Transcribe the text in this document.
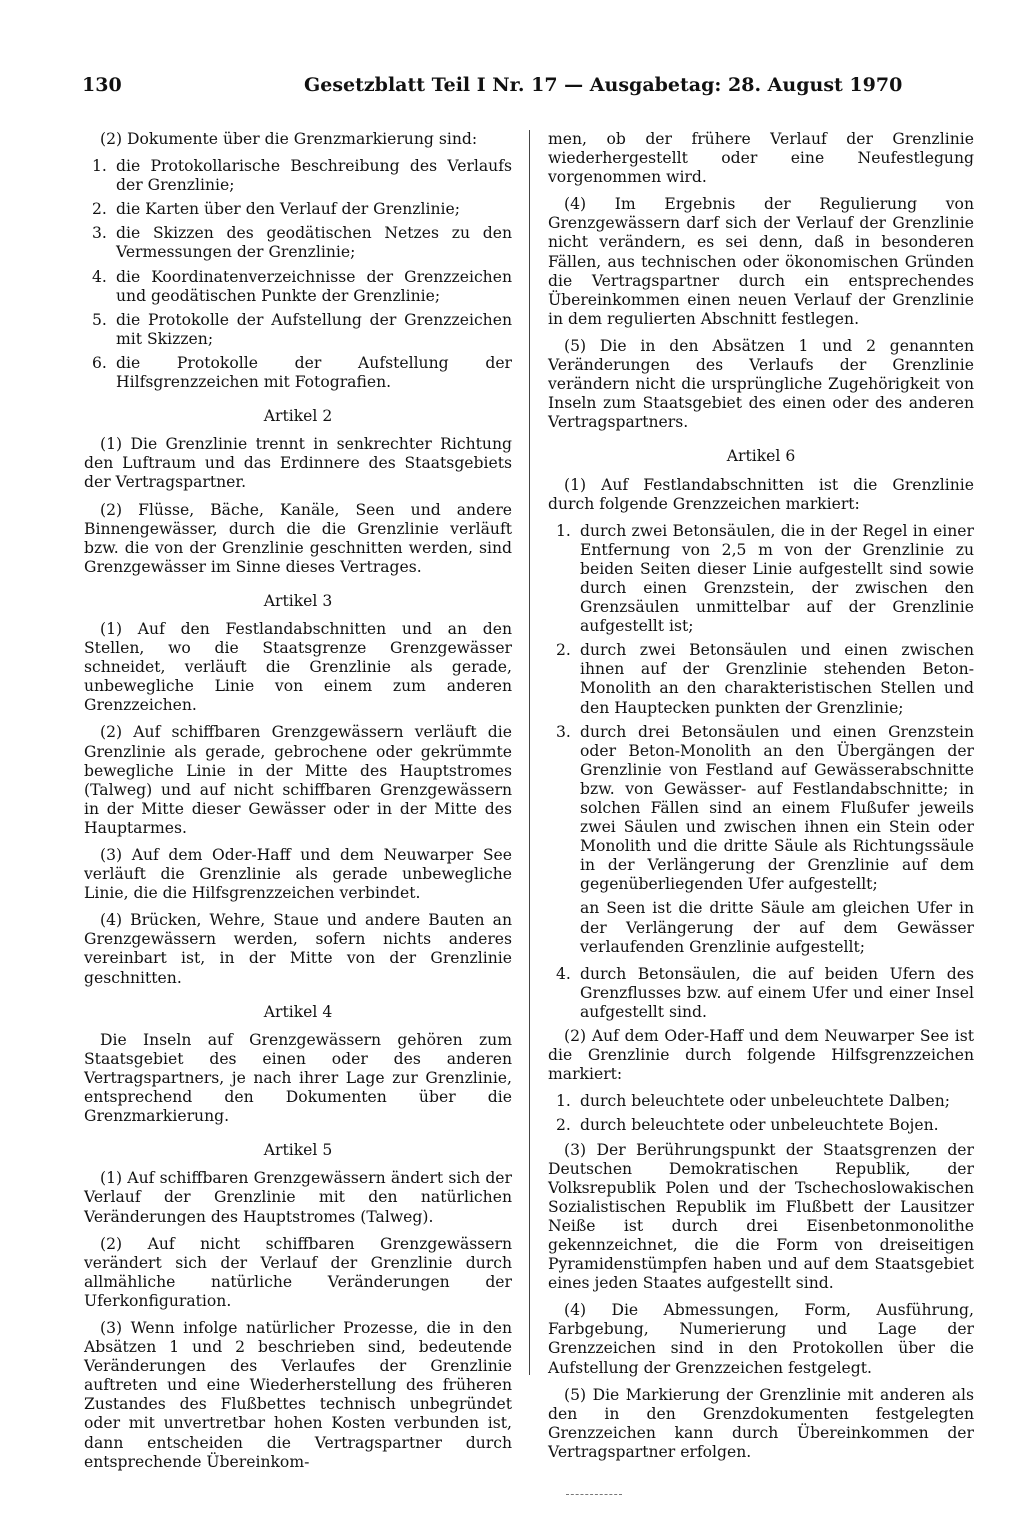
130	Gesetzblatt Teil I Nr. 17 — Ausgabetag: 28. August 1970

(2) Dokumente über die Grenzmarkierung sind:

1. die Protokollarische Beschreibung des Verlaufs der Grenzlinie;
2. die Karten über den Verlauf der Grenzlinie;
3. die Skizzen des geodätischen Netzes zu den Vermessungen der Grenzlinie;
4. die Koordinatenverzeichnisse der Grenzzeichen und geodätischen Punkte der Grenzlinie;
5. die Protokolle der Aufstellung der Grenzzeichen mit Skizzen;
6. die Protokolle der Aufstellung der Hilfsgrenzzeichen mit Fotografien.

Artikel 2

(1) Die Grenzlinie trennt in senkrechter Richtung den Luftraum und das Erdinnere des Staatsgebiets der Vertragspartner.

(2) Flüsse, Bäche, Kanäle, Seen und andere Binnengewässer, durch die die Grenzlinie verläuft bzw. die von der Grenzlinie geschnitten werden, sind Grenzgewässer im Sinne dieses Vertrages.

Artikel 3

(1) Auf den Festlandabschnitten und an den Stellen, wo die Staatsgrenze Grenzgewässer schneidet, verläuft die Grenzlinie als gerade, unbewegliche Linie von einem zum anderen Grenzzeichen.

(2) Auf schiffbaren Grenzgewässern verläuft die Grenzlinie als gerade, gebrochene oder gekrümmte bewegliche Linie in der Mitte des Hauptstromes (Talweg) und auf nicht schiffbaren Grenzgewässern in der Mitte dieser Gewässer oder in der Mitte des Hauptarmes.

(3) Auf dem Oder-Haff und dem Neuwarper See verläuft die Grenzlinie als gerade unbewegliche Linie, die die Hilfsgrenzzeichen verbindet.

(4) Brücken, Wehre, Staue und andere Bauten an Grenzgewässern werden, sofern nichts anderes vereinbart ist, in der Mitte von der Grenzlinie geschnitten.

Artikel 4

Die Inseln auf Grenzgewässern gehören zum Staatsgebiet des einen oder des anderen Vertragspartners, je nach ihrer Lage zur Grenzlinie, entsprechend den Dokumenten über die Grenzmarkierung.

Artikel 5

(1) Auf schiffbaren Grenzgewässern ändert sich der Verlauf der Grenzlinie mit den natürlichen Veränderungen des Hauptstromes (Talweg).

(2) Auf nicht schiffbaren Grenzgewässern verändert sich der Verlauf der Grenzlinie durch allmähliche natürliche Veränderungen der Uferkonfiguration.

(3) Wenn infolge natürlicher Prozesse, die in den Absätzen 1 und 2 beschrieben sind, bedeutende Veränderungen des Verlaufes der Grenzlinie auftreten und eine Wiederherstellung des früheren Zustandes des Flußbettes technisch unbegründet oder mit unvertretbar hohen Kosten verbunden ist, dann entscheiden die Vertragspartner durch entsprechende Übereinkom-

men, ob der frühere Verlauf der Grenzlinie wiederhergestellt oder eine Neufestlegung vorgenommen wird.

(4) Im Ergebnis der Regulierung von Grenzgewässern darf sich der Verlauf der Grenzlinie nicht verändern, es sei denn, daß in besonderen Fällen, aus technischen oder ökonomischen Gründen die Vertragspartner durch ein entsprechendes Übereinkommen einen neuen Verlauf der Grenzlinie in dem regulierten Abschnitt festlegen.

(5) Die in den Absätzen 1 und 2 genannten Veränderungen des Verlaufs der Grenzlinie verändern nicht die ursprüngliche Zugehörigkeit von Inseln zum Staatsgebiet des einen oder des anderen Vertragspartners.

Artikel 6

(1) Auf Festlandabschnitten ist die Grenzlinie durch folgende Grenzzeichen markiert:

1. durch zwei Betonsäulen, die in der Regel in einer Entfernung von 2,5 m von der Grenzlinie zu beiden Seiten dieser Linie aufgestellt sind sowie durch einen Grenzstein, der zwischen den Grenzsäulen unmittelbar auf der Grenzlinie aufgestellt ist;
2. durch zwei Betonsäulen und einen zwischen ihnen auf der Grenzlinie stehenden Beton-Monolith an den charakteristischen Stellen und den Hauptecken punkten der Grenzlinie;
3. durch drei Betonsäulen und einen Grenzstein oder Beton-Monolith an den Übergängen der Grenzlinie von Festland auf Gewässerabschnitte bzw. von Gewässer- auf Festlandabschnitte; in solchen Fällen sind an einem Flußufer jeweils zwei Säulen und zwischen ihnen ein Stein oder Monolith und die dritte Säule als Richtungssäule in der Verlängerung der Grenzlinie auf dem gegenüberliegenden Ufer aufgestellt;

an Seen ist die dritte Säule am gleichen Ufer in der Verlängerung der auf dem Gewässer verlaufenden Grenzlinie aufgestellt;

4. durch Betonsäulen, die auf beiden Ufern des Grenzflusses bzw. auf einem Ufer und einer Insel aufgestellt sind.

(2) Auf dem Oder-Haff und dem Neuwarper See ist die Grenzlinie durch folgende Hilfsgrenzzeichen markiert:

1. durch beleuchtete oder unbeleuchtete Dalben;
2. durch beleuchtete oder unbeleuchtete Bojen.

(3) Der Berührungspunkt der Staatsgrenzen der Deutschen Demokratischen Republik, der Volksrepublik Polen und der Tschechoslowakischen Sozialistischen Republik im Flußbett der Lausitzer Neiße ist durch drei Eisenbetonmonolithe gekennzeichnet, die die Form von dreiseitigen Pyramidenstümpfen haben und auf dem Staatsgebiet eines jeden Staates aufgestellt sind.

(4) Die Abmessungen, Form, Ausführung, Farbgebung, Numerierung und Lage der Grenzzeichen sind in den Protokollen über die Aufstellung der Grenzzeichen festgelegt.

(5) Die Markierung der Grenzlinie mit anderen als den in den Grenzdokumenten festgelegten Grenzzeichen kann durch Übereinkommen der Vertragspartner erfolgen.
